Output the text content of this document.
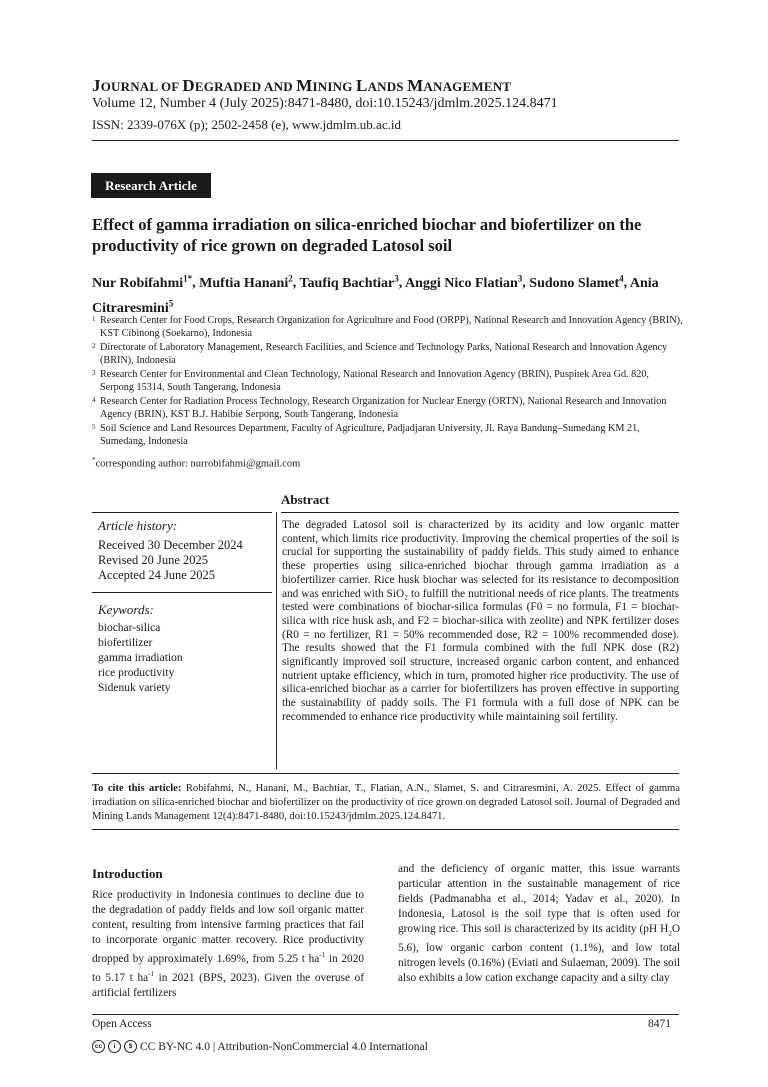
JOURNAL OF DEGRADED AND MINING LANDS MANAGEMENT
Volume 12, Number 4 (July 2025):8471-8480, doi:10.15243/jdmlm.2025.124.8471
ISSN: 2339-076X (p); 2502-2458 (e), www.jdmlm.ub.ac.id
Research Article
Effect of gamma irradiation on silica-enriched biochar and biofertilizer on the productivity of rice grown on degraded Latosol soil
Nur Robifahmi$^{1*}$, Muftia Hanani$^2$, Taufiq Bachtiar$^3$, Anggi Nico Flatian$^3$, Sudono Slamet$^4$, Ania Citraresmini$^5$
1 Research Center for Food Crops, Research Organization for Agriculture and Food (ORPP), National Research and Innovation Agency (BRIN), KST Cibinong (Soekarno), Indonesia
2 Directorate of Laboratory Management, Research Facilities, and Science and Technology Parks, National Research and Innovation Agency (BRIN), Indonesia
3 Research Center for Environmental and Clean Technology, National Research and Innovation Agency (BRIN), Puspitek Area Gd. 820, Serpong 15314, South Tangerang, Indonesia
4 Research Center for Radiation Process Technology, Research Organization for Nuclear Energy (ORTN), National Research and Innovation Agency (BRIN), KST B.J. Habibie Serpong, South Tangerang, Indonesia
5 Soil Science and Land Resources Department, Faculty of Agriculture, Padjadjaran University, Jl. Raya Bandung–Sumedang KM 21, Sumedang, Indonesia
*corresponding author: nurrobifahmi@gmail.com
Abstract
Article history:
Received 30 December 2024
Revised 20 June 2025
Accepted 24 June 2025
Keywords:
biochar-silica
biofertilizer
gamma irradiation
rice productivity
Sidenuk variety
The degraded Latosol soil is characterized by its acidity and low organic matter content, which limits rice productivity. Improving the chemical properties of the soil is crucial for supporting the sustainability of paddy fields. This study aimed to enhance these properties using silica-enriched biochar through gamma irradiation as a biofertilizer carrier. Rice husk biochar was selected for its resistance to decomposition and was enriched with SiO₂ to fulfill the nutritional needs of rice plants. The treatments tested were combinations of biochar-silica formulas (F0 = no formula, F1 = biochar-silica with rice husk ash, and F2 = biochar-silica with zeolite) and NPK fertilizer doses (R0 = no fertilizer, R1 = 50% recommended dose, R2 = 100% recommended dose). The results showed that the F1 formula combined with the full NPK dose (R2) significantly improved soil structure, increased organic carbon content, and enhanced nutrient uptake efficiency, which in turn, promoted higher rice productivity. The use of silica-enriched biochar as a carrier for biofertilizers has proven effective in supporting the sustainability of paddy soils. The F1 formula with a full dose of NPK can be recommended to enhance rice productivity while maintaining soil fertility.
To cite this article: Robifahmi, N., Hanani, M., Bachtiar, T., Flatian, A.N., Slamet, S. and Citraresmini, A. 2025. Effect of gamma irradiation on silica-enriched biochar and biofertilizer on the productivity of rice grown on degraded Latosol soil. Journal of Degraded and Mining Lands Management 12(4):8471-8480, doi:10.15243/jdmlm.2025.124.8471.
Introduction
Rice productivity in Indonesia continues to decline due to the degradation of paddy fields and low soil organic matter content, resulting from intensive farming practices that fail to incorporate organic matter recovery. Rice productivity dropped by approximately 1.69%, from 5.25 t $ha^{-1}$ in 2020 to 5.17 t $ha^{-1}$ in 2021 (BPS, 2023). Given the overuse of artificial fertilizers
and the deficiency of organic matter, this issue warrants particular attention in the sustainable management of rice fields (Padmanabha et al., 2014; Yadav et al., 2020). In Indonesia, Latosol is the soil type that is often used for growing rice. This soil is characterized by its acidity (pH $H_2O$ 5.6), low organic carbon content (1.1%), and low total nitrogen levels (0.16%) (Eviati and Sulaeman, 2009). The soil also exhibits a low cation exchange capacity and a silty clay
Open Access	8471
cc	i	$ CC BY-NC 4.0 | Attribution-NonCommercial 4.0 International
